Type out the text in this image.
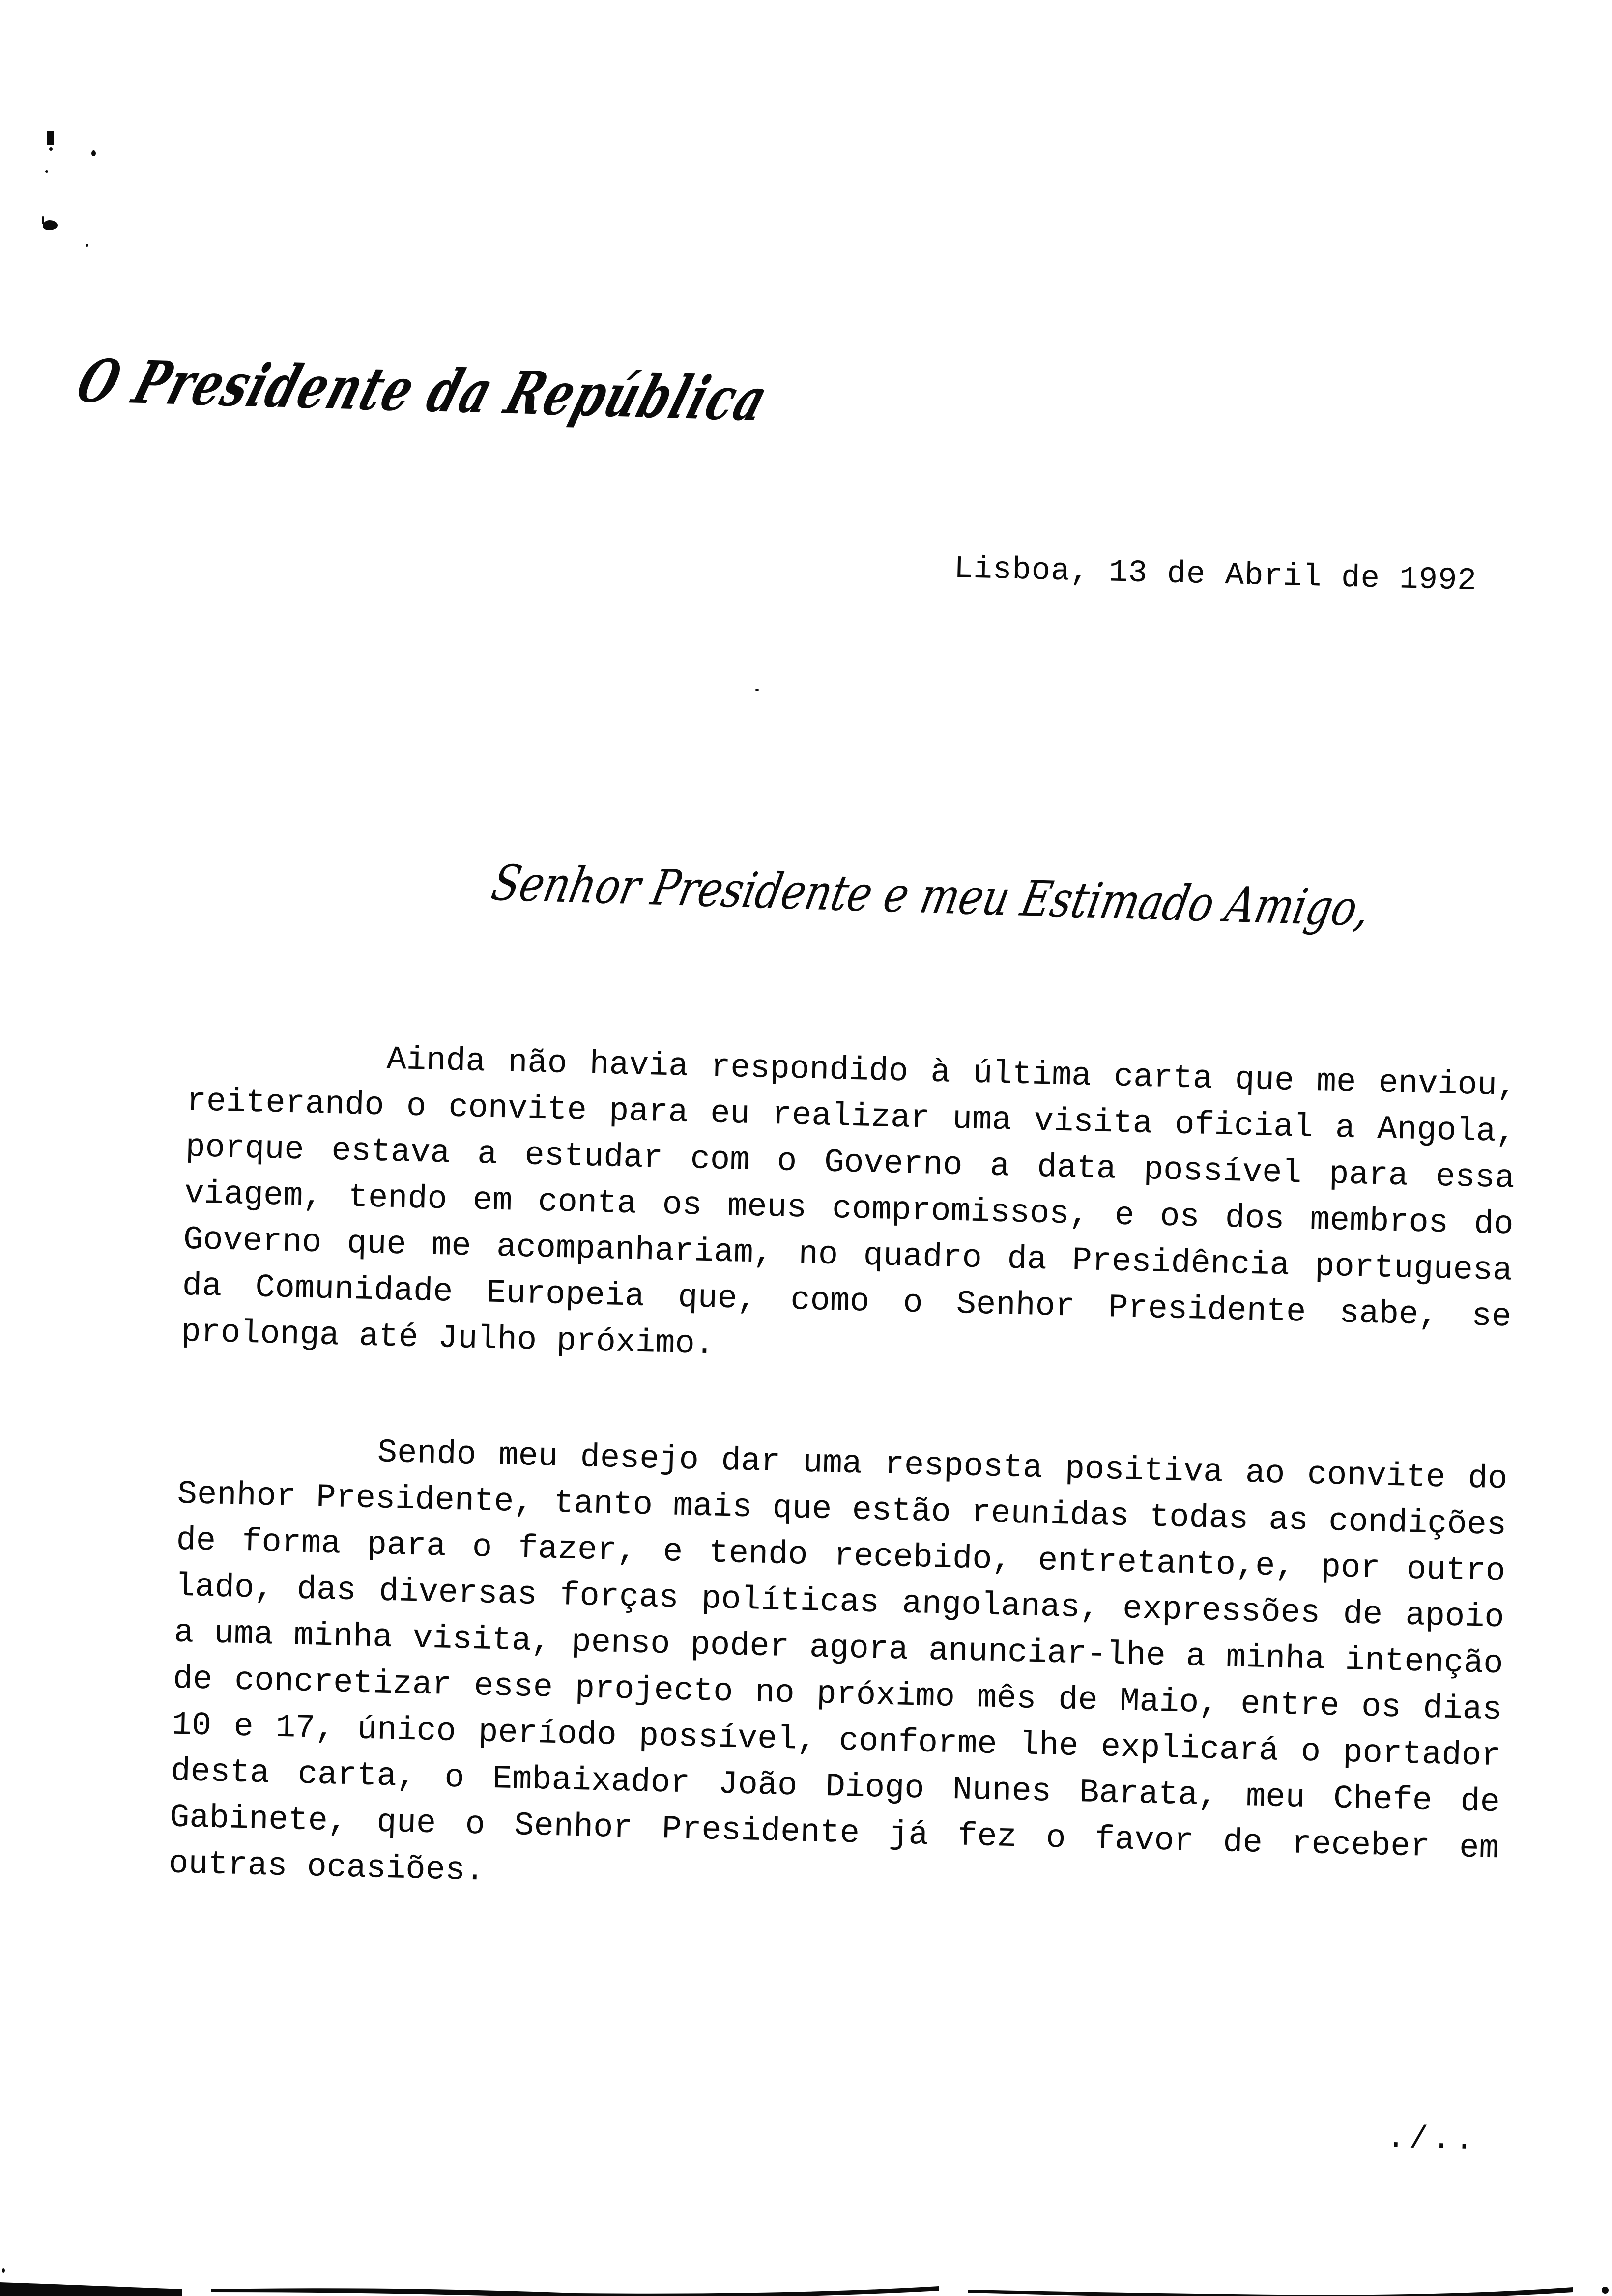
O Presidente da República
Lisboa, 13 de Abril de 1992
Senhor Presidente e meu Estimado Amigo,

Ainda não havia respondido à última carta que me enviou, reiterando o convite para eu realizar uma visita oficial a Angola, porque estava a estudar com o Governo a data possível para essa viagem, tendo em conta os meus compromissos, e os dos membros do Governo que me acompanhariam, no quadro da Presidência portuguesa da Comunidade Europeia que, como o Senhor Presidente sabe, se prolonga até Julho próximo.

Sendo meu desejo dar uma resposta positiva ao convite do Senhor Presidente, tanto mais que estão reunidas todas as condições de forma para o fazer, e tendo recebido, entretanto,e, por outro lado, das diversas forças políticas angolanas, expressões de apoio a uma minha visita, penso poder agora anunciar-lhe a minha intenção de concretizar esse projecto no próximo mês de Maio, entre os dias 10 e 17, único período possível, conforme lhe explicará o portador desta carta, o Embaixador João Diogo Nunes Barata, meu Chefe de Gabinete, que o Senhor Presidente já fez o favor de receber em outras ocasiões.

./..
